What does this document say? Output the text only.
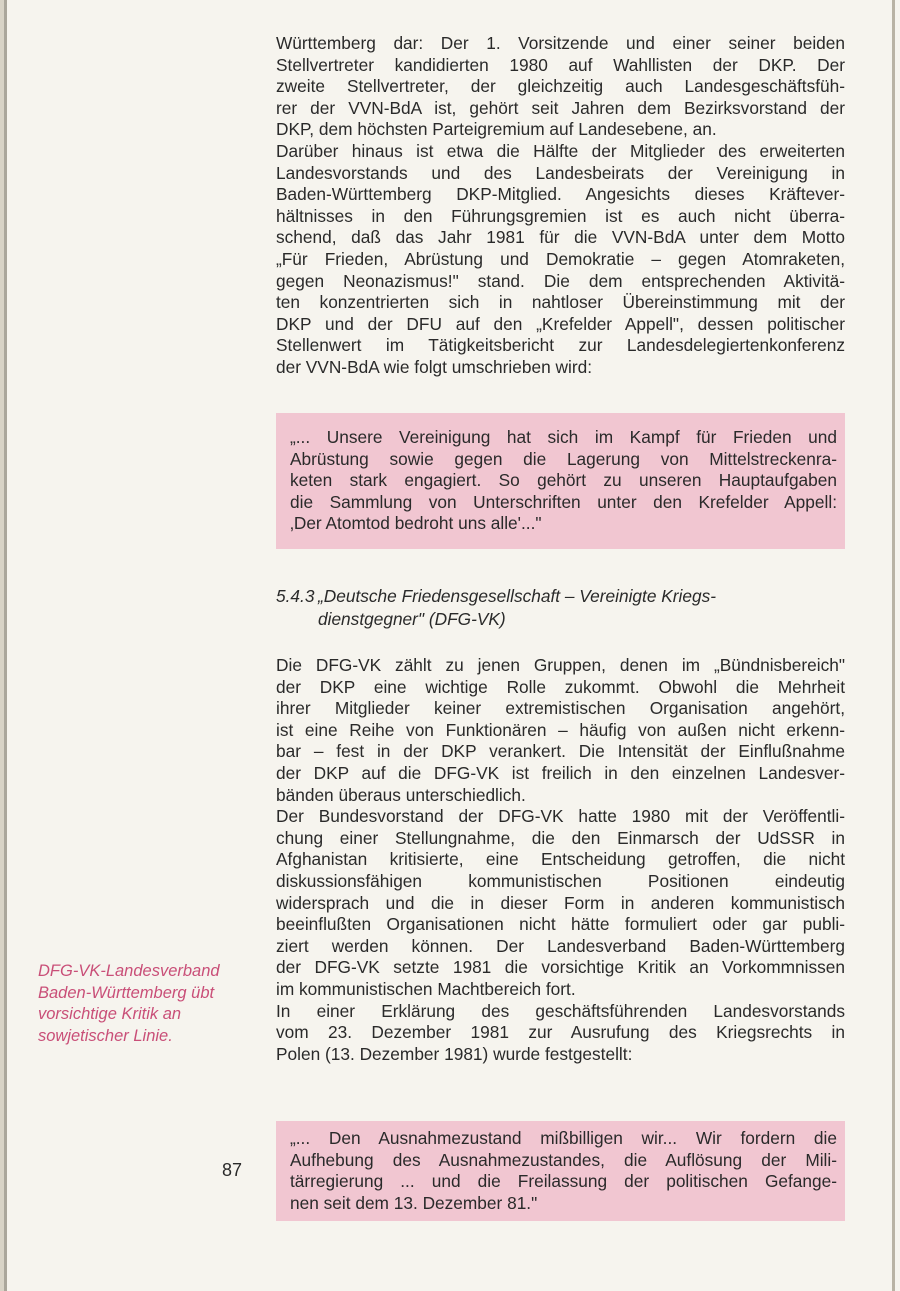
Württemberg dar: Der 1. Vorsitzende und einer seiner beiden
Stellvertreter kandidierten 1980 auf Wahllisten der DKP. Der
zweite Stellvertreter, der gleichzeitig auch Landesgeschäftsfüh-
rer der VVN-BdA ist, gehört seit Jahren dem Bezirksvorstand der
DKP, dem höchsten Parteigremium auf Landesebene, an.
Darüber hinaus ist etwa die Hälfte der Mitglieder des erweiterten
Landesvorstands und des Landesbeirats der Vereinigung in
Baden-Württemberg DKP-Mitglied. Angesichts dieses Kräftever-
hältnisses in den Führungsgremien ist es auch nicht überra-
schend, daß das Jahr 1981 für die VVN-BdA unter dem Motto
„Für Frieden, Abrüstung und Demokratie – gegen Atomraketen,
gegen Neonazismus!" stand. Die dem entsprechenden Aktivitä-
ten konzentrierten sich in nahtloser Übereinstimmung mit der
DKP und der DFU auf den „Krefelder Appell", dessen politischer
Stellenwert im Tätigkeitsbericht zur Landesdelegiertenkonferenz
der VVN-BdA wie folgt umschrieben wird:
„... Unsere Vereinigung hat sich im Kampf für Frieden und
Abrüstung sowie gegen die Lagerung von Mittelstreckenra-
keten stark engagiert. So gehört zu unseren Hauptaufgaben
die Sammlung von Unterschriften unter den Krefelder Appell:
‚Der Atomtod bedroht uns alle'..."
5.4.3 „Deutsche Friedensgesellschaft – Vereinigte Kriegs-
dienstgegner" (DFG-VK)
Die DFG-VK zählt zu jenen Gruppen, denen im „Bündnisbereich"
der DKP eine wichtige Rolle zukommt. Obwohl die Mehrheit
ihrer Mitglieder keiner extremistischen Organisation angehört,
ist eine Reihe von Funktionären – häufig von außen nicht erkenn-
bar – fest in der DKP verankert. Die Intensität der Einflußnahme
der DKP auf die DFG-VK ist freilich in den einzelnen Landesver-
bänden überaus unterschiedlich.
Der Bundesvorstand der DFG-VK hatte 1980 mit der Veröffentli-
chung einer Stellungnahme, die den Einmarsch der UdSSR in
Afghanistan kritisierte, eine Entscheidung getroffen, die nicht
diskussionsfähigen kommunistischen Positionen eindeutig
widersprach und die in dieser Form in anderen kommunistisch
beeinflußten Organisationen nicht hätte formuliert oder gar publi-
ziert werden können. Der Landesverband Baden-Württemberg
der DFG-VK setzte 1981 die vorsichtige Kritik an Vorkommnissen
im kommunistischen Machtbereich fort.
In einer Erklärung des geschäftsführenden Landesvorstands
vom 23. Dezember 1981 zur Ausrufung des Kriegsrechts in
Polen (13. Dezember 1981) wurde festgestellt:
„... Den Ausnahmezustand mißbilligen wir... Wir fordern die
Aufhebung des Ausnahmezustandes, die Auflösung der Mili-
tärregierung ... und die Freilassung der politischen Gefange-
nen seit dem 13. Dezember 81."
DFG-VK-Landesverband
Baden-Württemberg übt
vorsichtige Kritik an
sowjetischer Linie.
87
